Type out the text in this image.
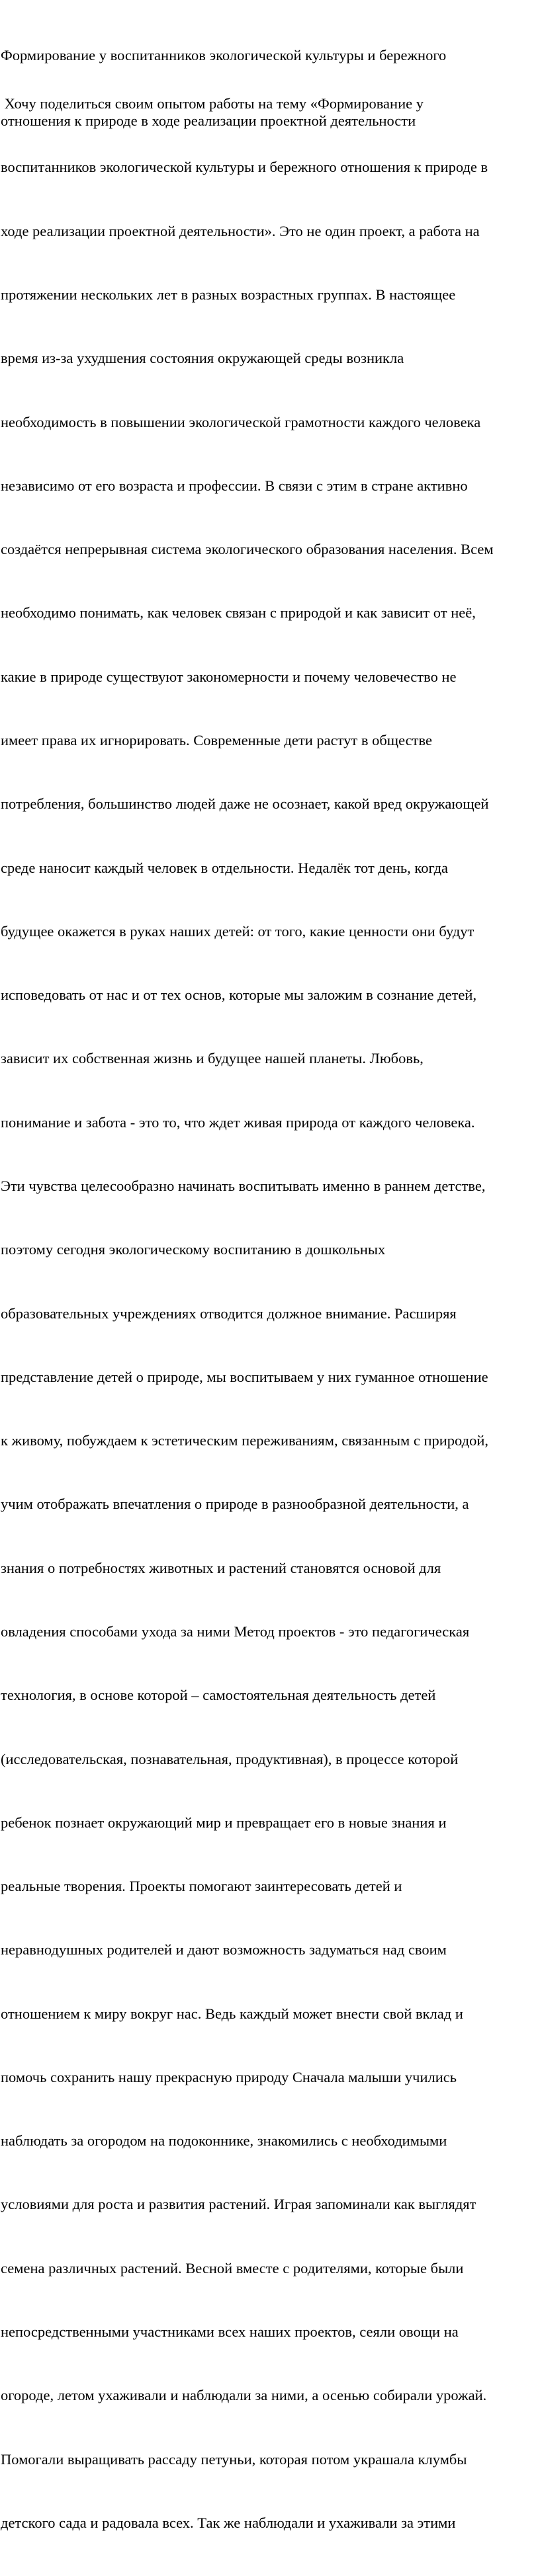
Формирование у воспитанников экологической культуры и бережного

отношения к природе в ходе реализации проектной деятельности

Хочу поделиться своим опытом работы на тему «Формирование у

воспитанников экологической культуры и бережного отношения к природе в

ходе реализации проектной деятельности». Это не один проект, а работа на

протяжении нескольких лет в разных возрастных группах. В настоящее

время из-за ухудшения состояния окружающей среды возникла

необходимость в повышении экологической грамотности каждого человека

независимо от его возраста и профессии. В связи с этим в стране активно

создаётся непрерывная система экологического образования населения. Всем

необходимо понимать, как человек связан с природой и как зависит от неё,

какие в природе существуют закономерности и почему человечество не

имеет права их игнорировать. Современные дети растут в обществе

потребления, большинство людей даже не осознает, какой вред окружающей

среде наносит каждый человек в отдельности. Недалёк тот день, когда

будущее окажется в руках наших детей: от того, какие ценности они будут

исповедовать от нас и от тех основ, которые мы заложим в сознание детей,

зависит их собственная жизнь и будущее нашей планеты. Любовь,

понимание и забота - это то, что ждет живая природа от каждого человека.

Эти чувства целесообразно начинать воспитывать именно в раннем детстве,

поэтому сегодня экологическому воспитанию в дошкольных

образовательных учреждениях отводится должное внимание. Расширяя

представление детей о природе, мы воспитываем у них гуманное отношение

к живому, побуждаем к эстетическим переживаниям, связанным с природой,

учим отображать впечатления о природе в разнообразной деятельности, а

знания о потребностях животных и растений становятся основой для

овладения способами ухода за ними Метод проектов - это педагогическая

технология, в основе которой – самостоятельная деятельность детей

(исследовательская, познавательная, продуктивная), в процессе которой

ребенок познает окружающий мир и превращает его в новые знания и

реальные творения. Проекты помогают заинтересовать детей и

неравнодушных родителей и дают возможность задуматься над своим

отношением к миру вокруг нас. Ведь каждый может внести свой вклад и

помочь сохранить нашу прекрасную природу Сначала малыши учились

наблюдать за огородом на подоконнике, знакомились с необходимыми

условиями для роста и развития растений. Играя запоминали как выглядят

семена различных растений. Весной вместе с родителями, которые были

непосредственными участниками всех наших проектов, сеяли овощи на

огороде, летом ухаживали и наблюдали за ними, а осенью собирали урожай.

Помогали выращивать рассаду петуньи, которая потом украшала клумбы

детского сада и радовала всех. Так же наблюдали и ухаживали за этими
